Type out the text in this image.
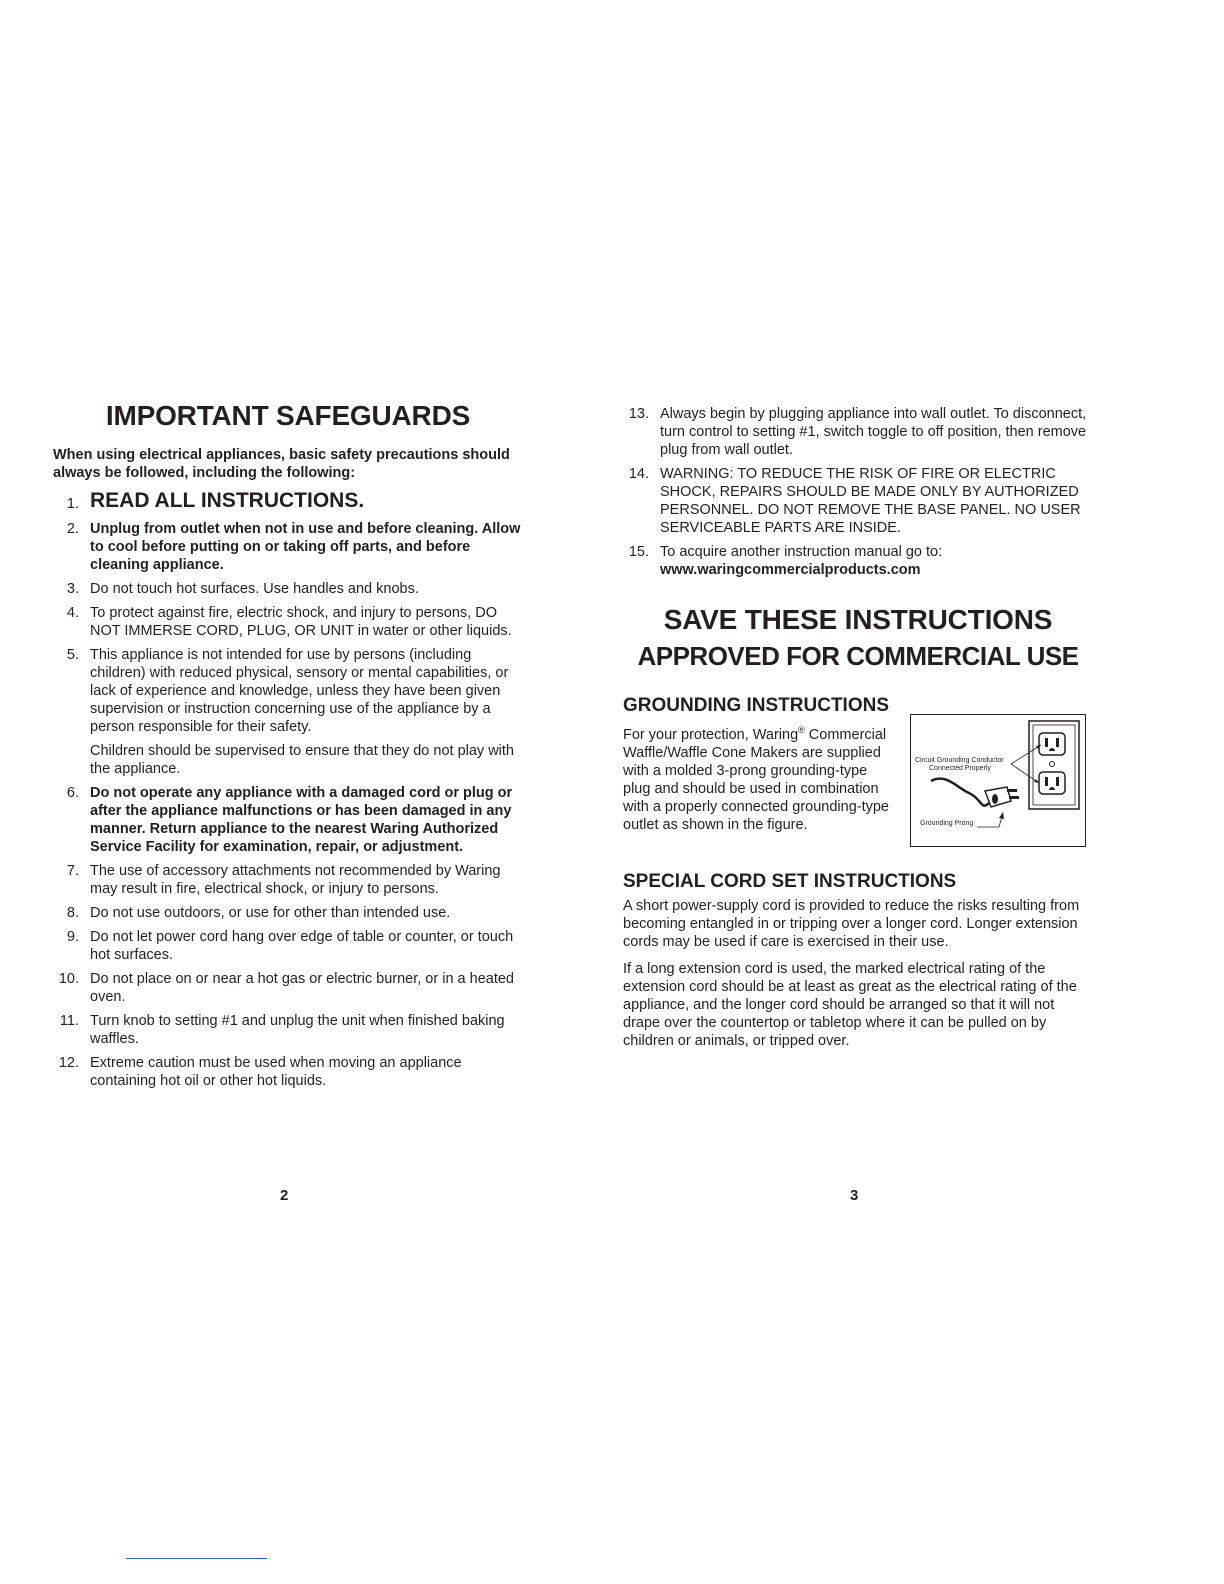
IMPORTANT SAFEGUARDS

When using electrical appliances, basic safety precautions should always be followed, including the following:

1. READ ALL INSTRUCTIONS.
2. Unplug from outlet when not in use and before cleaning. Allow to cool before putting on or taking off parts, and before cleaning appliance.
3. Do not touch hot surfaces. Use handles and knobs.
4. To protect against fire, electric shock, and injury to persons, DO NOT IMMERSE CORD, PLUG, OR UNIT in water or other liquids.
5. This appliance is not intended for use by persons (including children) with reduced physical, sensory or mental capabilities, or lack of experience and knowledge, unless they have been given supervision or instruction concerning use of the appliance by a person responsible for their safety.
Children should be supervised to ensure that they do not play with the appliance.
6. Do not operate any appliance with a damaged cord or plug or after the appliance malfunctions or has been damaged in any manner. Return appliance to the nearest Waring Authorized Service Facility for examination, repair, or adjustment.
7. The use of accessory attachments not recommended by Waring may result in fire, electrical shock, or injury to persons.
8. Do not use outdoors, or use for other than intended use.
9. Do not let power cord hang over edge of table or counter, or touch hot surfaces.
10. Do not place on or near a hot gas or electric burner, or in a heated oven.
11. Turn knob to setting #1 and unplug the unit when finished baking waffles.
12. Extreme caution must be used when moving an appliance containing hot oil or other hot liquids.
2
13. Always begin by plugging appliance into wall outlet. To disconnect, turn control to setting #1, switch toggle to off position, then remove plug from wall outlet.
14. WARNING: TO REDUCE THE RISK OF FIRE OR ELECTRIC SHOCK, REPAIRS SHOULD BE MADE ONLY BY AUTHORIZED PERSONNEL. DO NOT REMOVE THE BASE PANEL. NO USER SERVICEABLE PARTS ARE INSIDE.
15. To acquire another instruction manual go to:
www.waringcommercialproducts.com
SAVE THESE INSTRUCTIONS
APPROVED FOR COMMERCIAL USE
GROUNDING INSTRUCTIONS

For your protection, Waring® Commercial Waffle/Waffle Cone Makers are supplied with a molded 3-prong grounding-type plug and should be used in combination with a properly connected grounding-type outlet as shown in the figure.

Circuit Grounding Conductor
Connected Properly
Grounding Prong
SPECIAL CORD SET INSTRUCTIONS

A short power-supply cord is provided to reduce the risks resulting from becoming entangled in or tripping over a longer cord. Longer extension cords may be used if care is exercised in their use.

If a long extension cord is used, the marked electrical rating of the extension cord should be at least as great as the electrical rating of the appliance, and the longer cord should be arranged so that it will not drape over the countertop or tabletop where it can be pulled on by children or animals, or tripped over.

3
